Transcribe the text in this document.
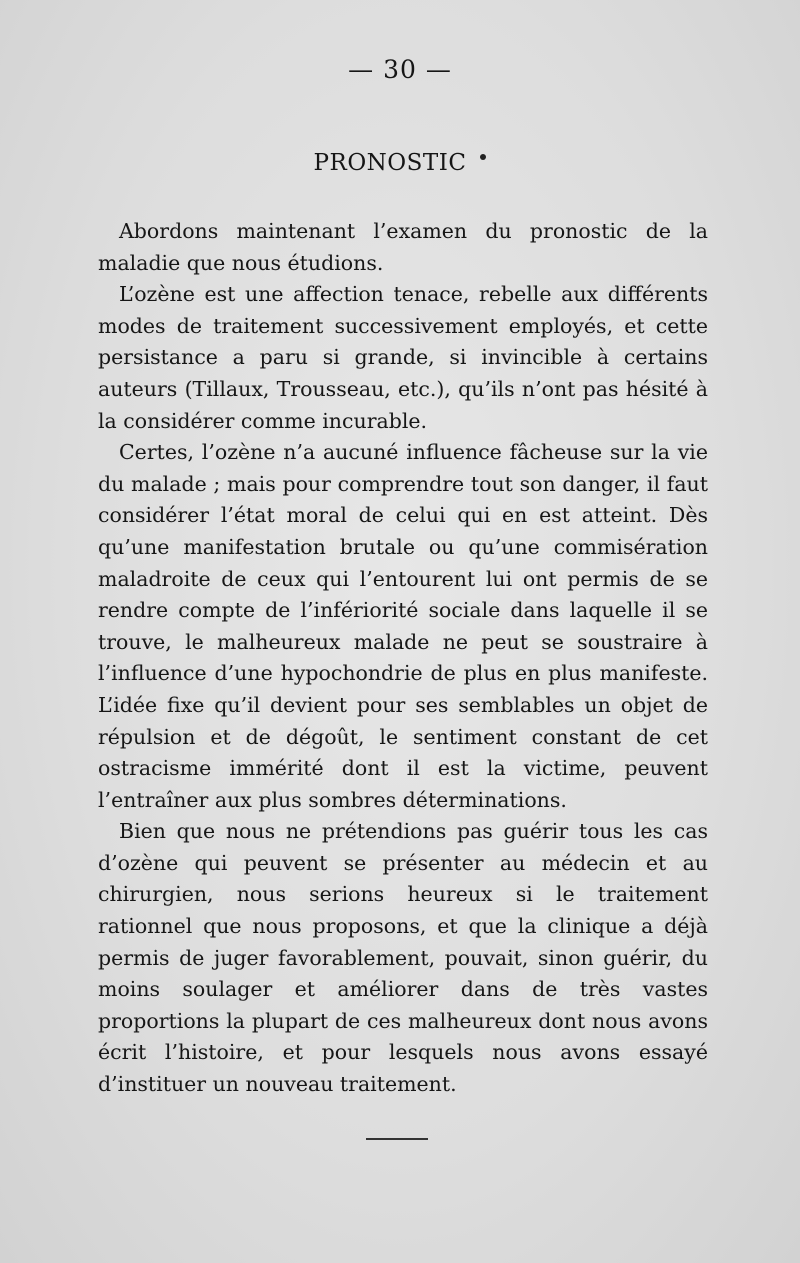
— 30 —
PRONOSTIC

Abordons maintenant l’examen du pronostic de la maladie que nous étudions.

L’ozène est une affection tenace, rebelle aux différents modes de traitement successivement employés, et cette persistance a paru si grande, si invincible à certains auteurs (Tillaux, Trousseau, etc.), qu’ils n’ont pas hésité à la considérer comme incurable.

Certes, l’ozène n’a aucuné influence fâcheuse sur la vie du malade ; mais pour comprendre tout son danger, il faut considérer l’état moral de celui qui en est atteint. Dès qu’une manifestation brutale ou qu’une commisération maladroite de ceux qui l’entourent lui ont permis de se rendre compte de l’infériorité sociale dans laquelle il se trouve, le malheureux malade ne peut se soustraire à l’influence d’une hypochondrie de plus en plus manifeste. L’idée fixe qu’il devient pour ses semblables un objet de répulsion et de dégoût, le sentiment constant de cet ostracisme immérité dont il est la victime, peuvent l’entraîner aux plus sombres déterminations.

Bien que nous ne prétendions pas guérir tous les cas d’ozène qui peuvent se présenter au médecin et au chirurgien, nous serions heureux si le traitement rationnel que nous proposons, et que la clinique a déjà permis de juger favorablement, pouvait, sinon guérir, du moins soulager et améliorer dans de très vastes proportions la plupart de ces malheureux dont nous avons écrit l’histoire, et pour lesquels nous avons essayé d’instituer un nouveau traitement.
